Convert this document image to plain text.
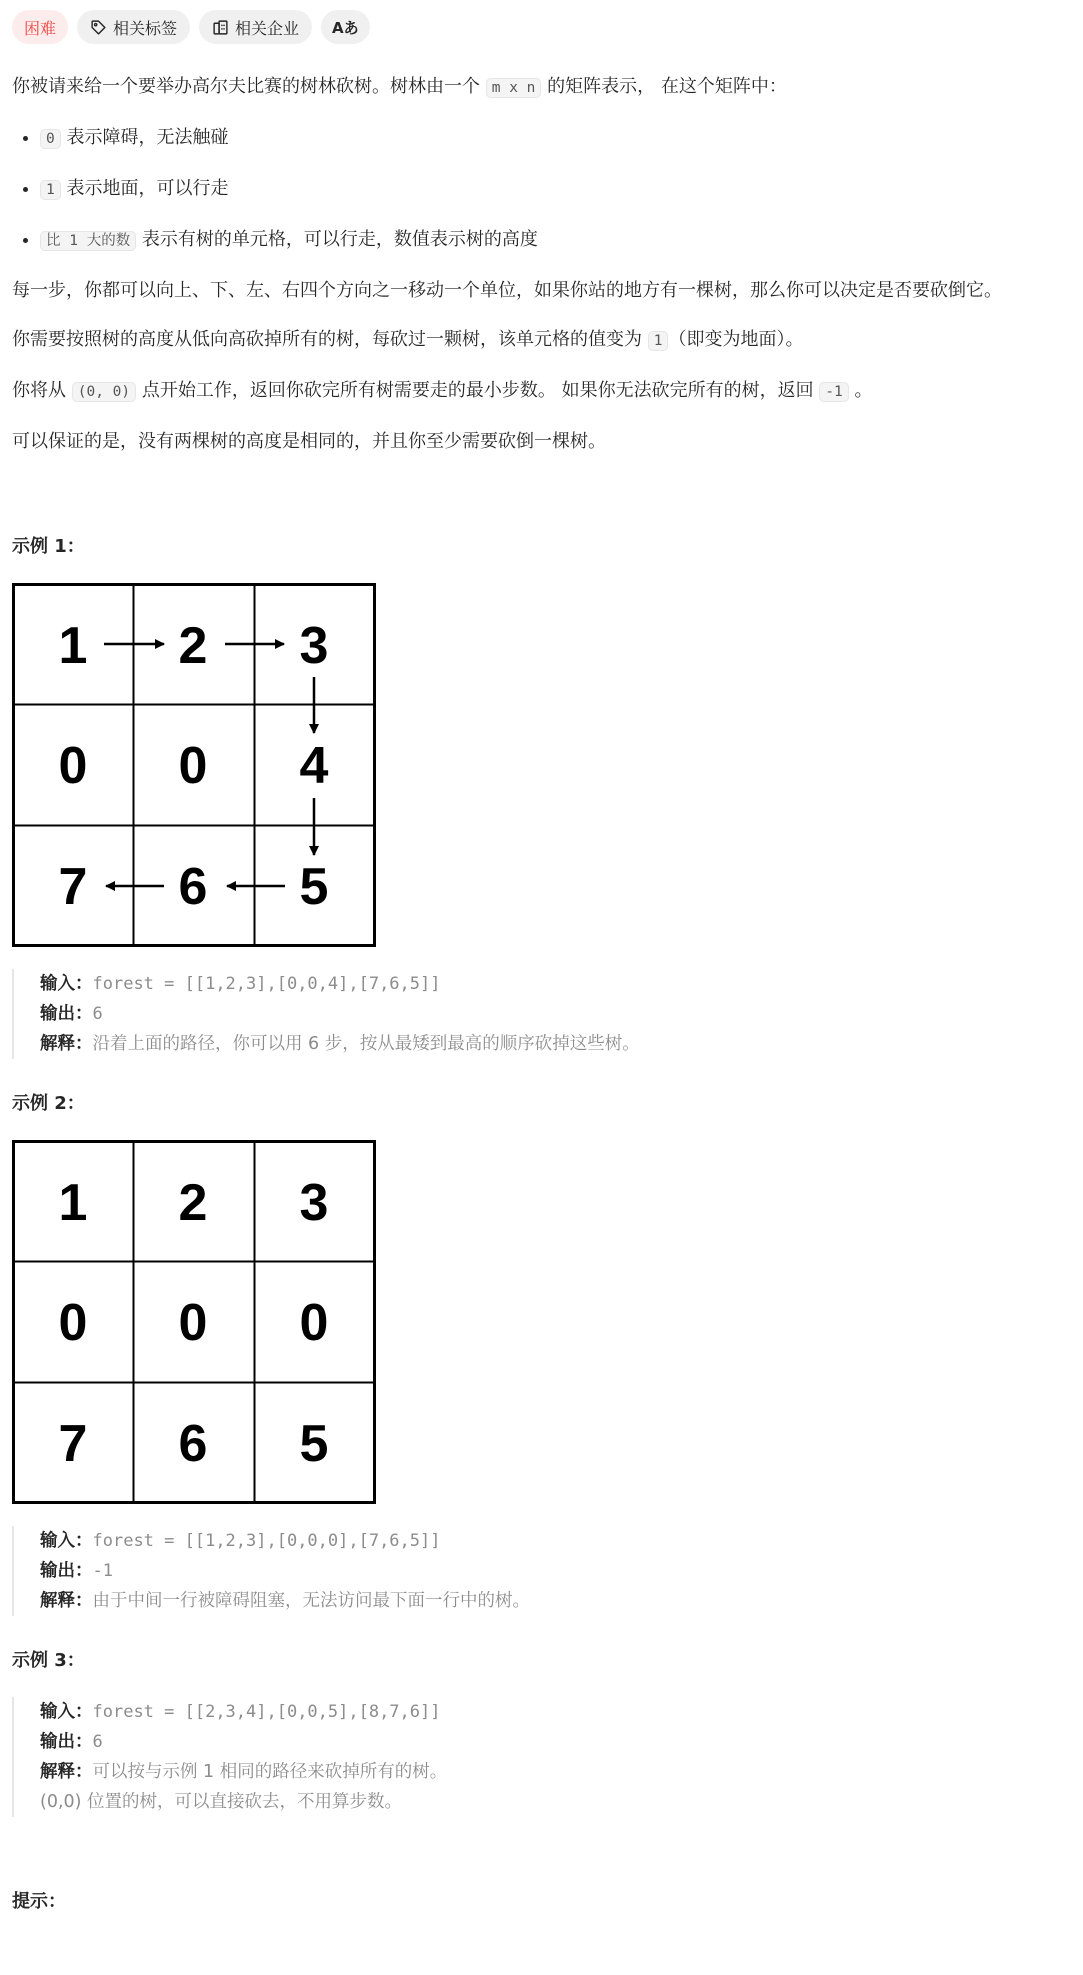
困难	相关标签	相关企业 Aあ

你被请来给一个要举办高尔夫比赛的树林砍树。树林由一个 m x n 的矩阵表示， 在这个矩阵中：

• 0 表示障碍，无法触碰
• 1 表示地面，可以行走
• 比 1 大的数 表示有树的单元格，可以行走，数值表示树的高度

每一步，你都可以向上、下、左、右四个方向之一移动一个单位，如果你站的地方有一棵树，那么你可以决定是否要砍倒它。

你需要按照树的高度从低向高砍掉所有的树，每砍过一颗树，该单元格的值变为 1 （即变为地面）。

你将从 (0, 0) 点开始工作，返回你砍完所有树需要走的最小步数。 如果你无法砍完所有的树，返回 -1 。

可以保证的是，没有两棵树的高度是相同的，并且你至少需要砍倒一棵树。

示例 1：
1 2 3
0 0 4
7 6 5
输入：forest = [[1,2,3],[0,0,4],[7,6,5]]
输出：6
解释：沿着上面的路径，你可以用 6 步，按从最矮到最高的顺序砍掉这些树。
示例 2：
1 2 3
0 0 0
7 6 5
输入：forest = [[1,2,3],[0,0,0],[7,6,5]]
输出：-1
解释：由于中间一行被障碍阻塞，无法访问最下面一行中的树。
示例 3：
输入：forest = [[2,3,4],[0,0,5],[8,7,6]]
输出：6
解释：可以按与示例 1 相同的路径来砍掉所有的树。
(0,0) 位置的树，可以直接砍去，不用算步数。
提示：
